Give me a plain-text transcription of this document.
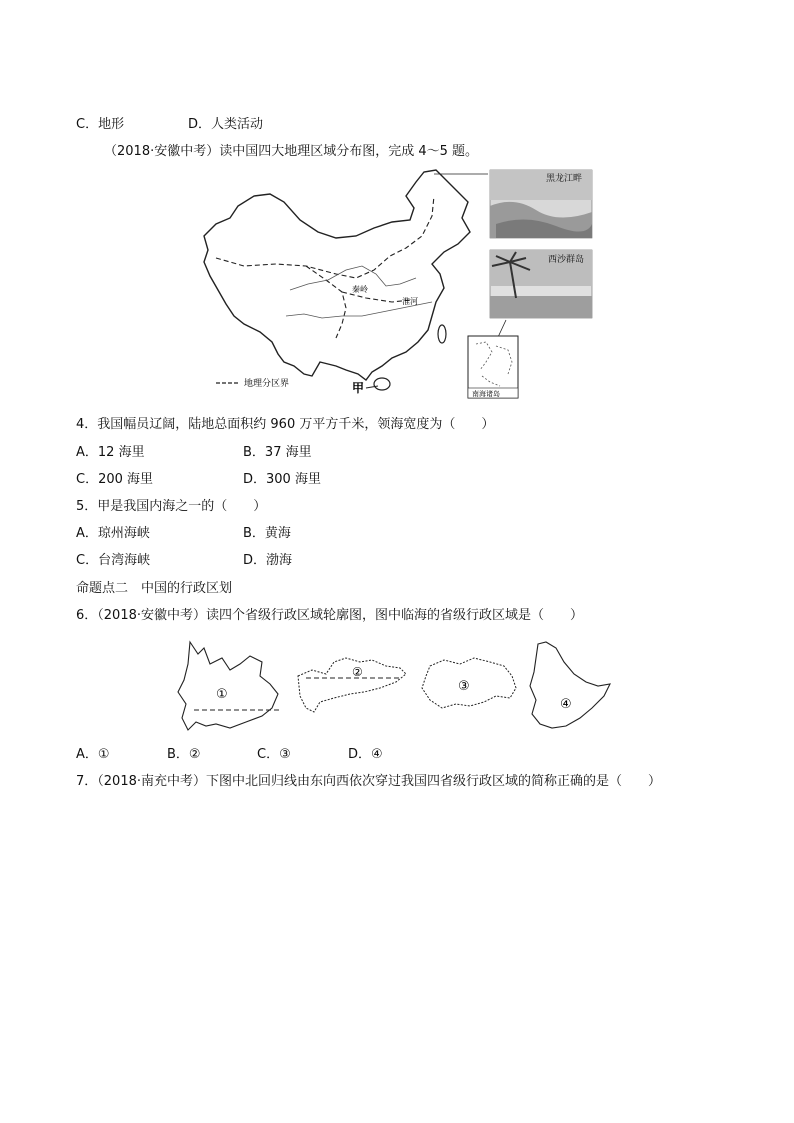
C．地形	D．人类活动
（2018·安徽中考）读中国四大地理区域分布图，完成 4～5 题。
秦岭
淮河
地理分区界	甲
黑龙江畔
西沙群岛
南海诸岛
4．我国幅员辽阔，陆地总面积约 960 万平方千米，领海宽度为（　　）
A．12 海里	B．37 海里
C．200 海里	D．300 海里
5．甲是我国内海之一的（　　）
A．琼州海峡	B．黄海
C．台湾海峡	D．渤海
命题点二　中国的行政区划
6．（2018·安徽中考）读四个省级行政区域轮廓图，图中临海的省级行政区域是（　　）
①
②
③
④
A．①	B．②	C．③	D．④
7．（2018·南充中考）下图中北回归线由东向西依次穿过我国四省级行政区域的简称正确的是（　　）
